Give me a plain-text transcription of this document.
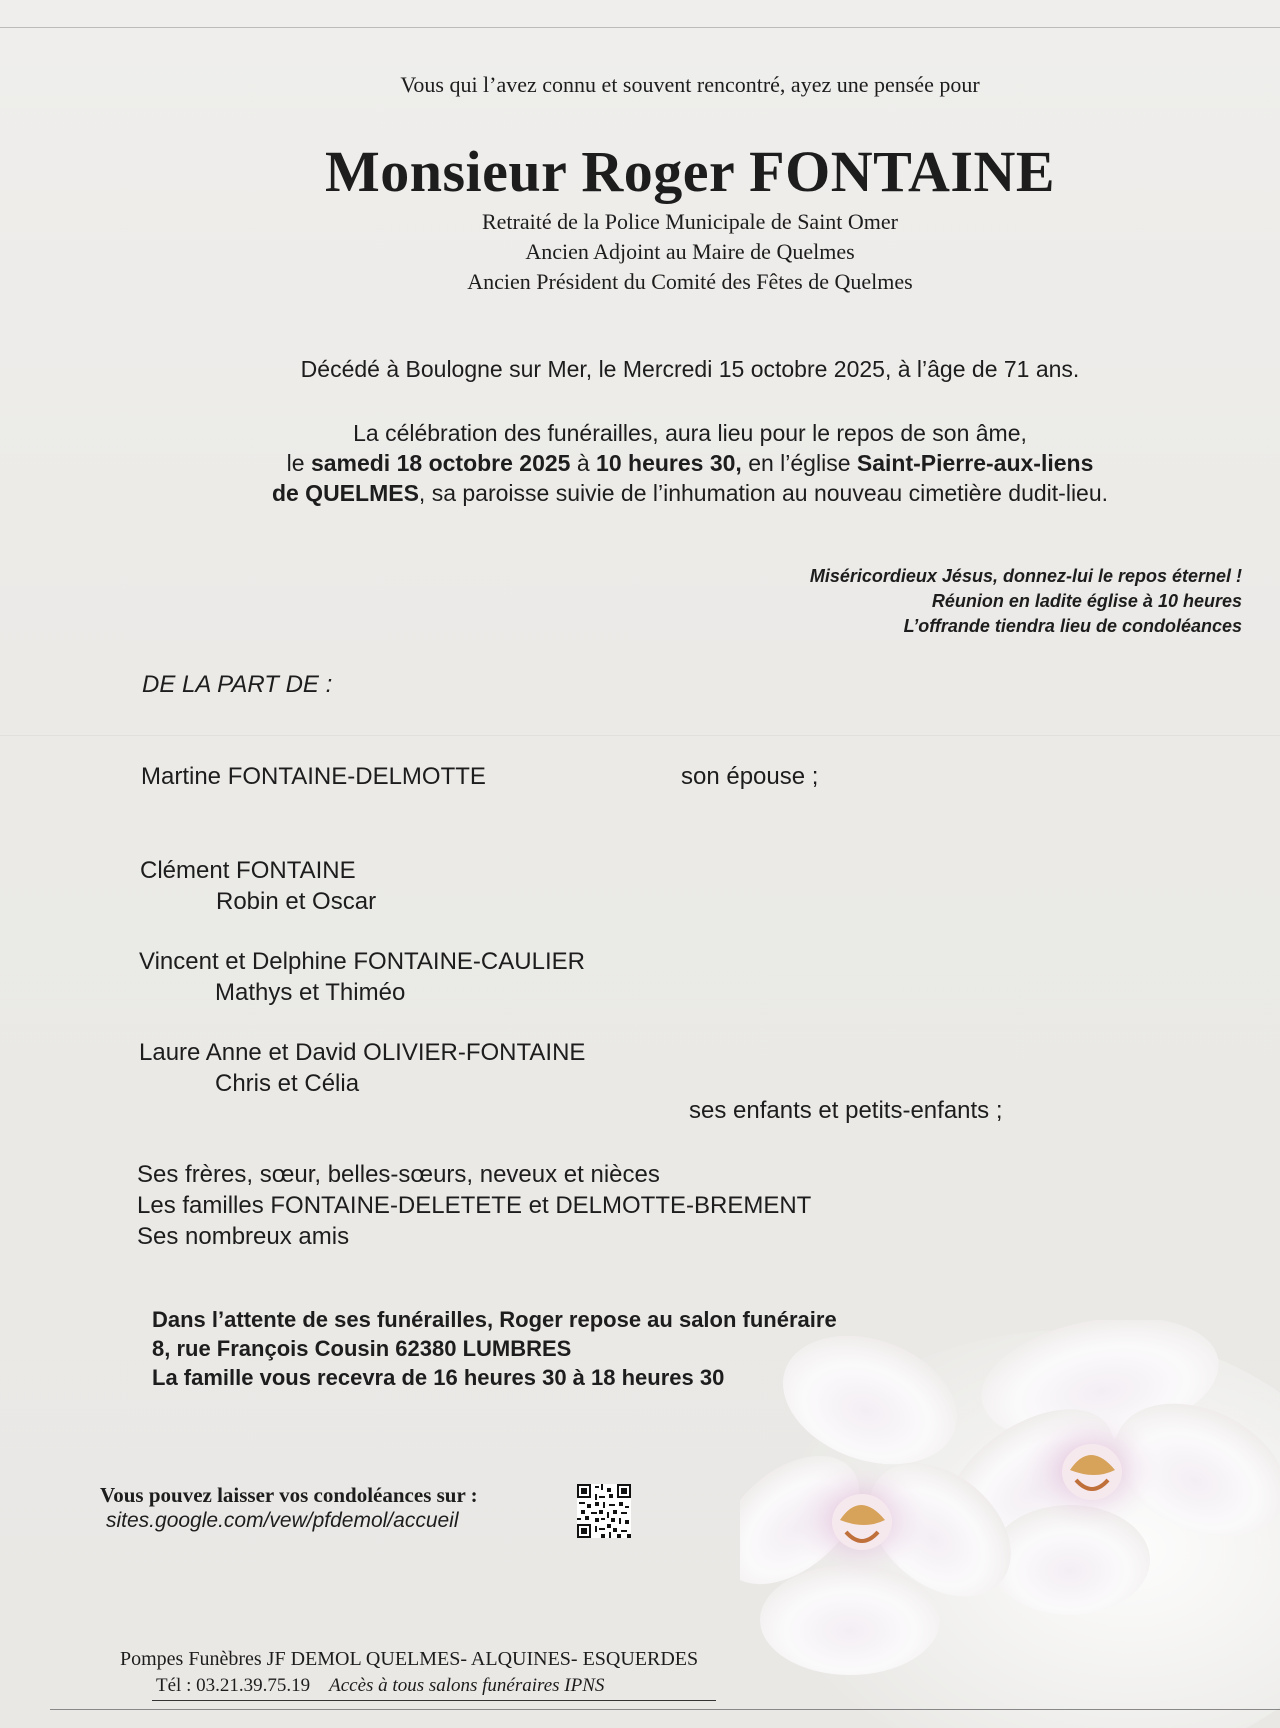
Vous qui l’avez connu et souvent rencontré, ayez une pensée pour
Monsieur Roger FONTAINE
Retraité de la Police Municipale de Saint Omer
Ancien Adjoint au Maire de Quelmes
Ancien Président du Comité des Fêtes de Quelmes
Décédé à Boulogne sur Mer, le Mercredi 15 octobre 2025, à l’âge de 71 ans.
La célébration des funérailles, aura lieu pour le repos de son âme,
le samedi 18 octobre 2025 à 10 heures 30, en l’église Saint-Pierre-aux-liens
de QUELMES, sa paroisse suivie de l’inhumation au nouveau cimetière dudit-lieu.
Miséricordieux Jésus, donnez-lui le repos éternel !
Réunion en ladite église à 10 heures
L’offrande tiendra lieu de condoléances
DE LA PART DE :
Martine FONTAINE-DELMOTTE	son épouse ;
Clément FONTAINE
Robin et Oscar
Vincent et Delphine FONTAINE-CAULIER
Mathys et Thiméo
Laure Anne et David OLIVIER-FONTAINE
Chris et Célia
ses enfants et petits-enfants ;
Ses frères, sœur, belles-sœurs, neveux et nièces
Les familles FONTAINE-DELETETE et DELMOTTE-BREMENT
Ses nombreux amis
Dans l’attente de ses funérailles, Roger repose au salon funéraire
8, rue François Cousin 62380 LUMBRES
La famille vous recevra de 16 heures 30 à 18 heures 30
Vous pouvez laisser vos condoléances sur :
sites.google.com/vew/pfdemol/accueil
Pompes Funèbres JF DEMOL QUELMES- ALQUINES- ESQUERDES
Tél : 03.21.39.75.19 Accès à tous salons funéraires IPNS
